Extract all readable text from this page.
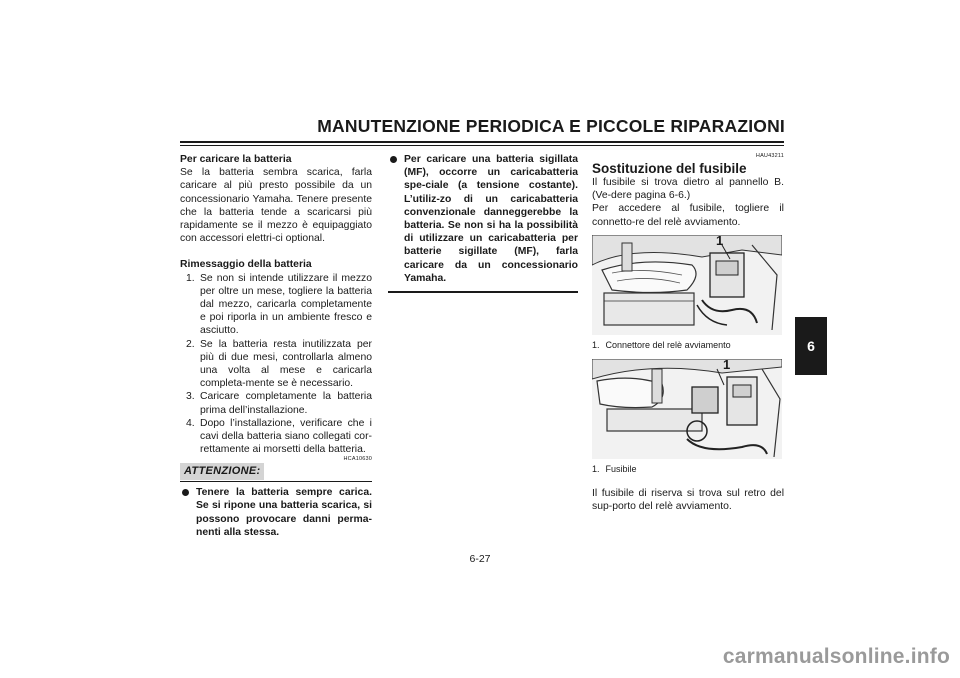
MANUTENZIONE PERIODICA E PICCOLE RIPARAZIONI

Per caricare la batteria

Se la batteria sembra scarica, farla caricare al più presto possibile da un concessionario Yamaha. Tenere presente che la batteria tende a scaricarsi più rapidamente se il mezzo è equipaggiato con accessori elettri-ci optional.

Rimessaggio della batteria

1. Se non si intende utilizzare il mezzo per oltre un mese, togliere la batteria dal mezzo, caricarla completamente e poi riporla in un ambiente fresco e asciutto.
2. Se la batteria resta inutilizzata per più di due mesi, controllarla almeno una volta al mese e caricarla completa-mente se è necessario.
3. Caricare completamente la batteria prima dell’installazione.
4. Dopo l’installazione, verificare che i cavi della batteria siano collegati cor-rettamente ai morsetti della batteria.
HCA10630
ATTENZIONE:
Tenere la batteria sempre carica. Se si ripone una batteria scarica, si possono provocare danni perma-nenti alla stessa.
Per caricare una batteria sigillata (MF), occorre un caricabatteria spe-ciale (a tensione costante). L’utiliz-zo di un caricabatteria convenzionale danneggerebbe la batteria. Se non si ha la possibilità di utilizzare un caricabatteria per batterie sigillate (MF), farla caricare da un concessionario Yamaha.
HAU43211
Sostituzione del fusibile

Il fusibile si trova dietro al pannello B. (Ve-dere pagina 6-6.)

Per accedere al fusibile, togliere il connetto-re del relè avviamento.

1
1. Connettore del relè avviamento
1
1. Fusibile

Il fusibile di riserva si trova sul retro del sup-porto del relè avviamento.

6
6-27
carmanualsonline.info
